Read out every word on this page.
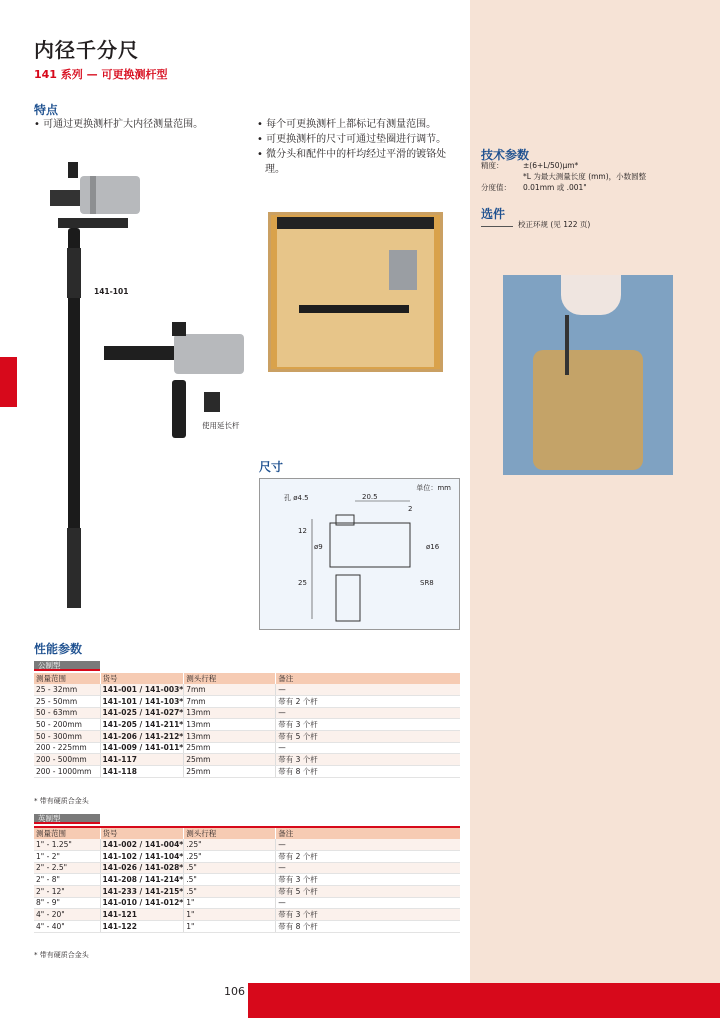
内径千分尺
141 系列 — 可更换测杆型
特点
• 可通过更换测杆扩大内径测量范围。	• 每个可更换测杆上都标记有测量范围。
• 可更换测杆的尺寸可通过垫圈进行调节。
• 微分头和配件中的杆均经过平滑的镀铬处理。
141-101
使用延长杆
技术参数
精度：	±(6+L/50)μm*
*L 为最大测量长度 (mm)，小数圆整
分度值：	0.01mm 或 .001"
选件
校正环规 (见 122 页)
尺寸
单位：mm
孔 ø4.5	20.5
2
12
ø9	ø16
25	SR8
性能参数
公制型
测量范围	货号	测头行程	备注
25 - 32mm	141-001 / 141-003*	7mm	—
25 - 50mm	141-101 / 141-103*	7mm	带有 2 个杆
50 - 63mm	141-025 / 141-027*	13mm	—
50 - 200mm	141-205 / 141-211*	13mm	带有 3 个杆
50 - 300mm	141-206 / 141-212*	13mm	带有 5 个杆
200 - 225mm	141-009 / 141-011*	25mm	—
200 - 500mm	141-117	25mm	带有 3 个杆
200 - 1000mm	141-118	25mm	带有 8 个杆
* 带有硬质合金头
英制型
测量范围	货号	测头行程	备注
1" - 1.25"	141-002 / 141-004*	.25"	—
1" - 2"	141-102 / 141-104*	.25"	带有 2 个杆
2" - 2.5"	141-026 / 141-028*	.5"	—
2" - 8"	141-208 / 141-214*	.5"	带有 3 个杆
2" - 12"	141-233 / 141-215*	.5"	带有 5 个杆
8" - 9"	141-010 / 141-012*	1"	—
4" - 20"	141-121	1"	带有 3 个杆
4" - 40"	141-122	1"	带有 8 个杆
* 带有硬质合金头
106
